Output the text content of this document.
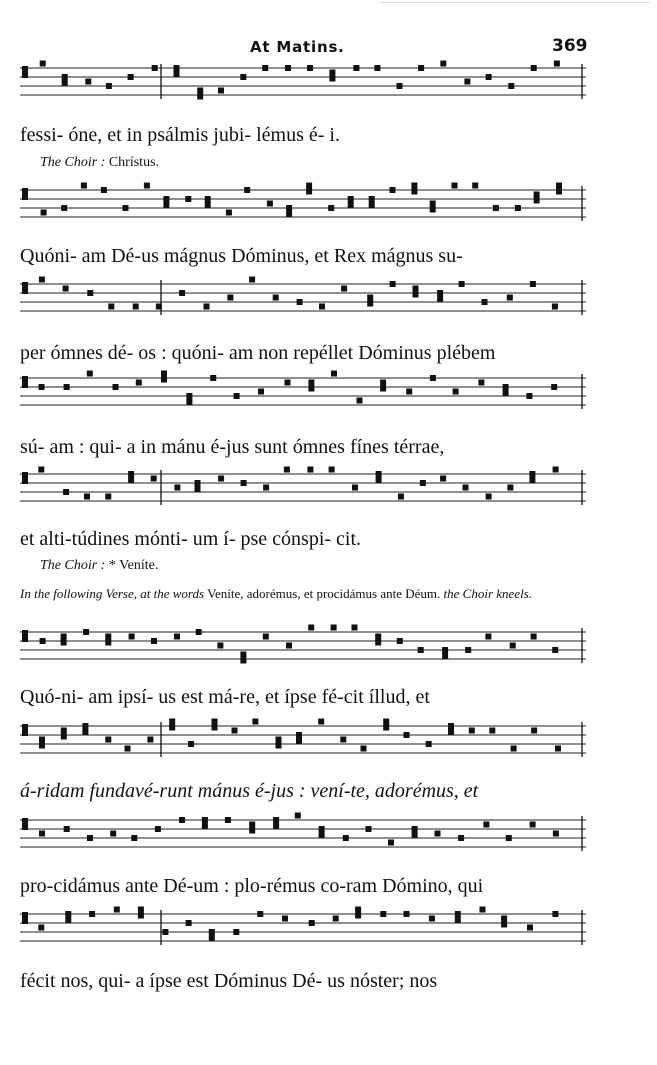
At Matins.	369
fessi- óne, et in psálmis jubi- lémus é- i.
The Choir : Chrístus.
Quóni- am Dé-us mágnus Dóminus, et Rex mágnus su-
per ómnes dé- os : quóni- am non repéllet Dóminus plébem
sú- am : qui- a in mánu é-jus sunt ómnes fínes térrae,
et alti-túdines mónti- um í- pse cónspi- cit.
The Choir : * Veníte.
In the following Verse, at the words Veníte, adorémus, et procidámus ante Déum. the Choir kneels.
Quó-ni- am ipsí- us est má-re, et ípse fé-cit íllud, et
á-ridam fundavé-runt mánus é-jus : vení-te, adorémus, et
pro-cidámus ante Dé-um : plo-rémus co-ram Dómino, qui
fécit nos, qui- a ípse est Dóminus Dé- us nóster; nos
